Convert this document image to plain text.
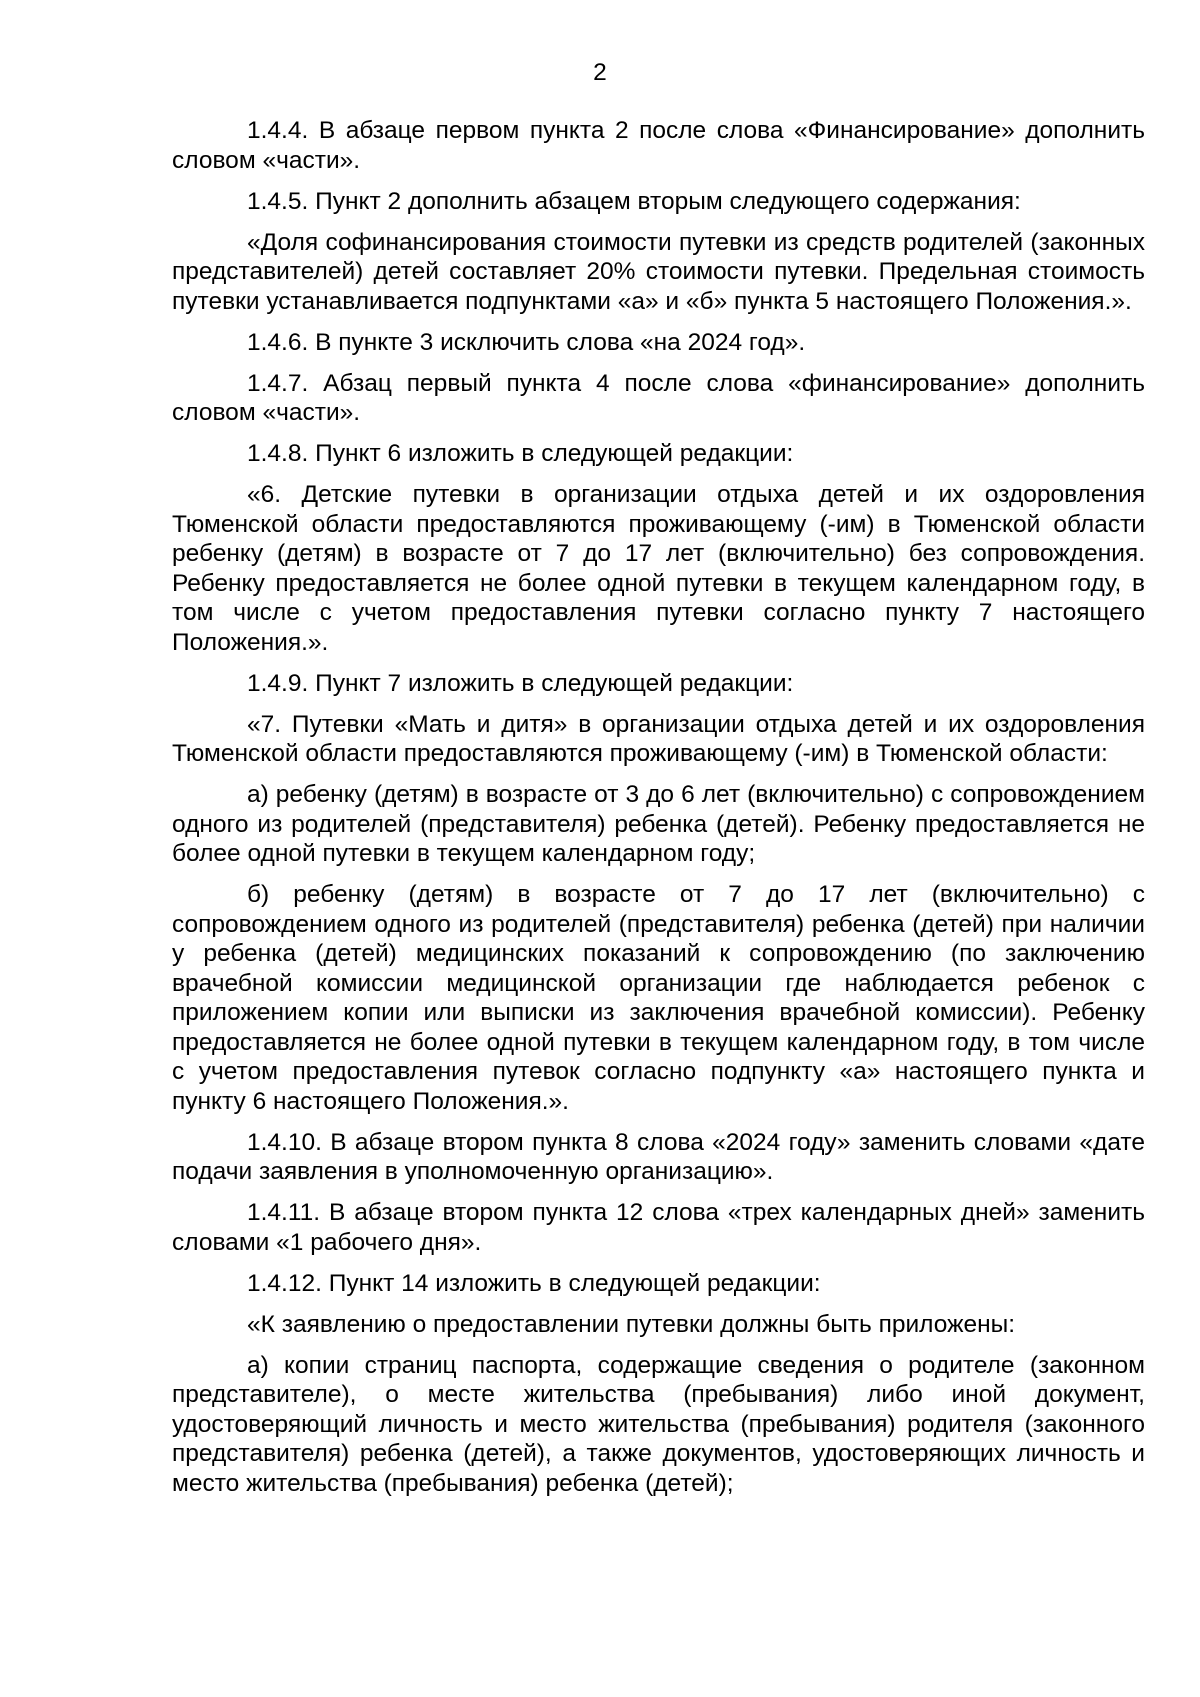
2

1.4.4. В абзаце первом пункта 2 после слова «Финансирование» дополнить словом «части».

1.4.5. Пункт 2 дополнить абзацем вторым следующего содержания:

«Доля софинансирования стоимости путевки из средств родителей (законных представителей) детей составляет 20% стоимости путевки. Предельная стоимость путевки устанавливается подпунктами «а» и «б» пункта 5 настоящего Положения.».

1.4.6. В пункте 3 исключить слова «на 2024 год».

1.4.7. Абзац первый пункта 4 после слова «финансирование» дополнить словом «части».

1.4.8. Пункт 6 изложить в следующей редакции:

«6. Детские путевки в организации отдыха детей и их оздоровления Тюменской области предоставляются проживающему (-им) в Тюменской области ребенку (детям) в возрасте от 7 до 17 лет (включительно) без сопровождения. Ребенку предоставляется не более одной путевки в текущем календарном году, в том числе с учетом предоставления путевки согласно пункту 7 настоящего Положения.».

1.4.9. Пункт 7 изложить в следующей редакции:

«7. Путевки «Мать и дитя» в организации отдыха детей и их оздоровления Тюменской области предоставляются проживающему (-им) в Тюменской области:

а) ребенку (детям) в возрасте от 3 до 6 лет (включительно) с сопровождением одного из родителей (представителя) ребенка (детей). Ребенку предоставляется не более одной путевки в текущем календарном году;

б) ребенку (детям) в возрасте от 7 до 17 лет (включительно) с сопровождением одного из родителей (представителя) ребенка (детей) при наличии у ребенка (детей) медицинских показаний к сопровождению (по заключению врачебной комиссии медицинской организации где наблюдается ребенок с приложением копии или выписки из заключения врачебной комиссии). Ребенку предоставляется не более одной путевки в текущем календарном году, в том числе с учетом предоставления путевок согласно подпункту «а» настоящего пункта и пункту 6 настоящего Положения.».

1.4.10. В абзаце втором пункта 8 слова «2024 году» заменить словами «дате подачи заявления в уполномоченную организацию».

1.4.11. В абзаце втором пункта 12 слова «трех календарных дней» заменить словами «1 рабочего дня».

1.4.12. Пункт 14 изложить в следующей редакции:

«К заявлению о предоставлении путевки должны быть приложены:

а) копии страниц паспорта, содержащие сведения о родителе (законном представителе), о месте жительства (пребывания) либо иной документ, удостоверяющий личность и место жительства (пребывания) родителя (законного представителя) ребенка (детей), а также документов, удостоверяющих личность и место жительства (пребывания) ребенка (детей);
